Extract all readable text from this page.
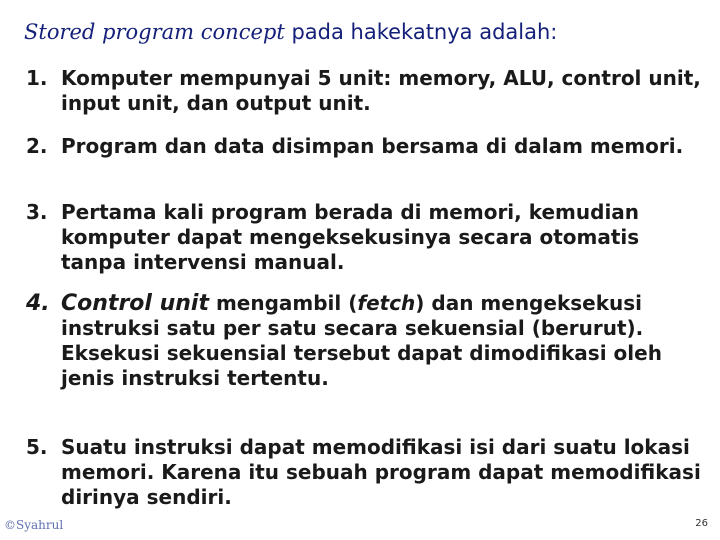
Stored program concept pada hakekatnya adalah:
1. Komputer mempunyai 5 unit: memory, ALU, control unit, input unit, dan output unit.
2. Program dan data disimpan bersama di dalam memori.
3. Pertama kali program berada di memori, kemudian komputer dapat mengeksekusinya secara otomatis tanpa intervensi manual.
4. Control unit mengambil (fetch) dan mengeksekusi instruksi satu per satu secara sekuensial (berurut). Eksekusi sekuensial tersebut dapat dimodifikasi oleh jenis instruksi tertentu.
5. Suatu instruksi dapat memodifikasi isi dari suatu lokasi memori. Karena itu sebuah program dapat memodifikasi dirinya sendiri.
©Syahrul	26
